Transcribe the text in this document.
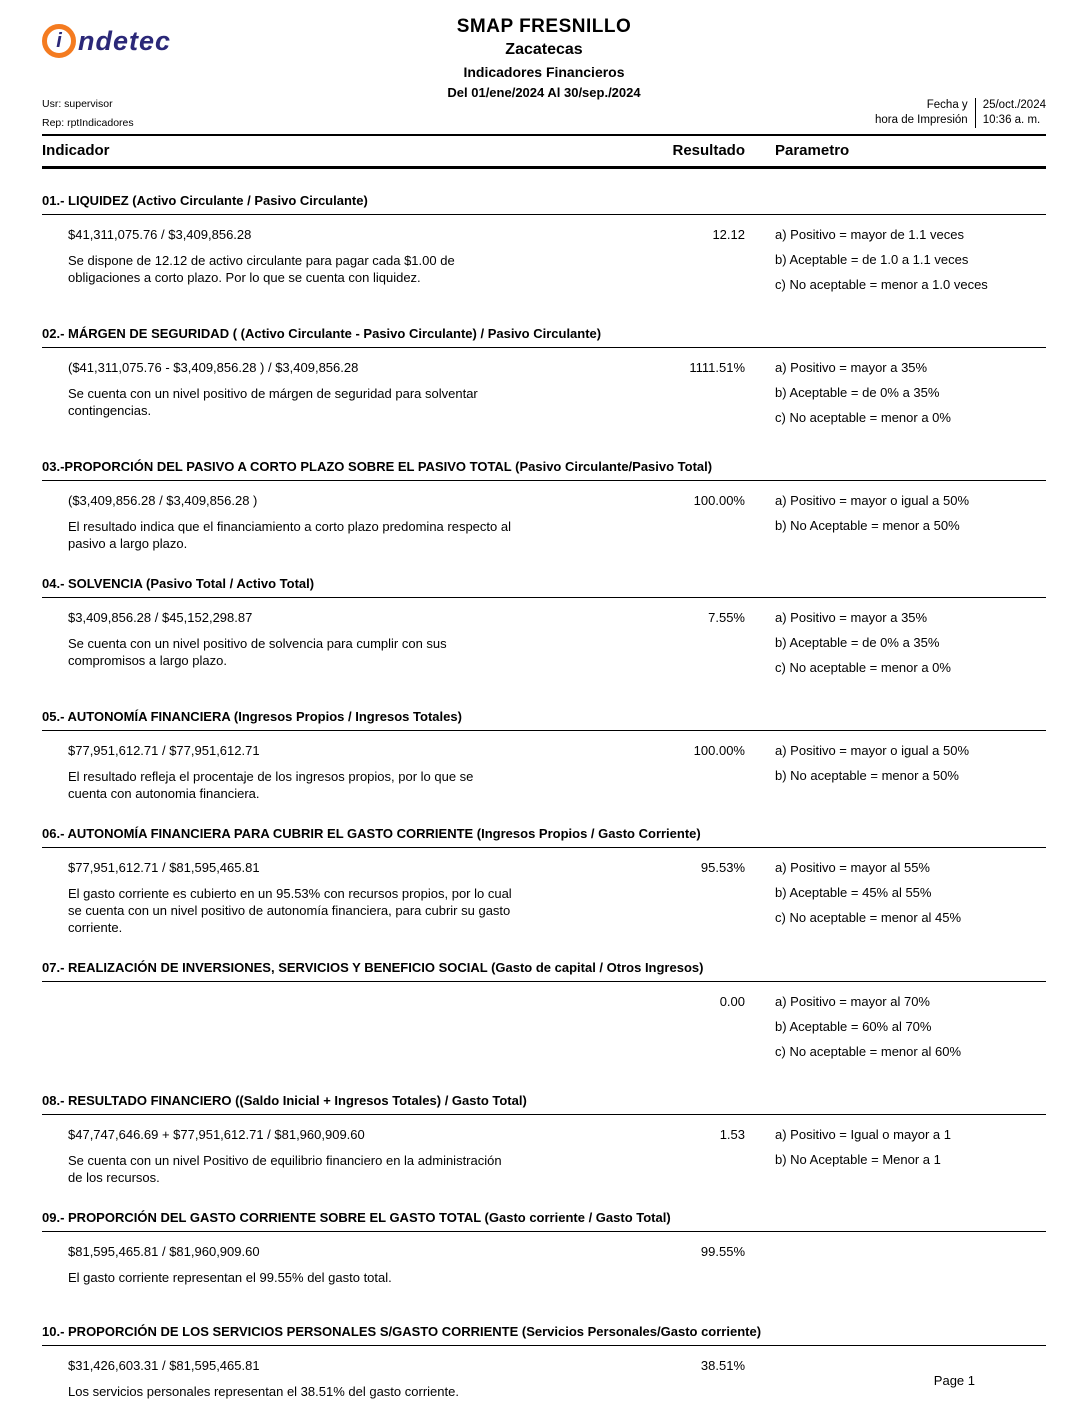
i ndetec	SMAP FRESNILLO
Zacatecas
Indicadores Financieros
Del 01/ene/2024 Al 30/sep./2024
Usr: supervisor
Rep: rptIndicadores
Fecha y
hora de Impresión
25/oct./2024
10:36 a. m.
Indicador	Resultado Parametro
01.- LIQUIDEZ (Activo Circulante / Pasivo Circulante)
$41,311,075.76 / $3,409,856.28	12.12
Se dispone de 12.12 de activo circulante para pagar cada $1.00 de obligaciones a corto plazo. Por lo que se cuenta con liquidez.
a) Positivo = mayor de 1.1 veces
b) Aceptable = de 1.0 a 1.1 veces
c) No aceptable = menor a 1.0 veces
02.- MÁRGEN DE SEGURIDAD ( (Activo Circulante - Pasivo Circulante) / Pasivo Circulante)
($41,311,075.76 - $3,409,856.28 ) / $3,409,856.28	1111.51%
Se cuenta con un nivel positivo de márgen de seguridad para solventar contingencias.
a) Positivo = mayor a 35%
b) Aceptable = de 0% a 35%
c) No aceptable = menor a 0%
03.-PROPORCIÓN DEL PASIVO A CORTO PLAZO SOBRE EL PASIVO TOTAL (Pasivo Circulante/Pasivo Total)
($3,409,856.28 / $3,409,856.28 )	100.00%
El resultado indica que el financiamiento a corto plazo predomina respecto al pasivo a largo plazo.
a) Positivo = mayor o igual a 50%
b) No Aceptable = menor a 50%
04.- SOLVENCIA (Pasivo Total / Activo Total)
$3,409,856.28 / $45,152,298.87	7.55%
Se cuenta con un nivel positivo de solvencia para cumplir con sus compromisos a largo plazo.
a) Positivo = mayor a 35%
b) Aceptable = de 0% a 35%
c) No aceptable = menor a 0%
05.- AUTONOMÍA FINANCIERA (Ingresos Propios / Ingresos Totales)
$77,951,612.71 / $77,951,612.71	100.00%
El resultado refleja el procentaje de los ingresos propios, por lo que se cuenta con autonomia financiera.
a) Positivo = mayor o igual a 50%
b) No aceptable = menor a 50%
06.- AUTONOMÍA FINANCIERA PARA CUBRIR EL GASTO CORRIENTE (Ingresos Propios / Gasto Corriente)
$77,951,612.71 / $81,595,465.81	95.53%
El gasto corriente es cubierto en un 95.53% con recursos propios, por lo cual se cuenta con un nivel positivo de autonomía financiera, para cubrir su gasto corriente.
a) Positivo = mayor al 55%
b) Aceptable = 45% al 55%
c) No aceptable = menor al 45%
07.- REALIZACIÓN DE INVERSIONES, SERVICIOS Y BENEFICIO SOCIAL (Gasto de capital / Otros Ingresos)
0.00 a) Positivo = mayor al 70%
b) Aceptable = 60% al 70%
c) No aceptable = menor al 60%
08.- RESULTADO FINANCIERO ((Saldo Inicial + Ingresos Totales) / Gasto Total)
$47,747,646.69 + $77,951,612.71 / $81,960,909.60	1.53
Se cuenta con un nivel Positivo de equilibrio financiero en la administración de los recursos.
a) Positivo = Igual o mayor a 1
b) No Aceptable = Menor a 1
09.- PROPORCIÓN DEL GASTO CORRIENTE SOBRE EL GASTO TOTAL (Gasto corriente / Gasto Total)
$81,595,465.81 / $81,960,909.60	99.55%
El gasto corriente representan el 99.55% del gasto total.
10.- PROPORCIÓN DE LOS SERVICIOS PERSONALES S/GASTO CORRIENTE (Servicios Personales/Gasto corriente)
$31,426,603.31 / $81,595,465.81	38.51%
Los servicios personales representan el 38.51% del gasto corriente.
Page 1
